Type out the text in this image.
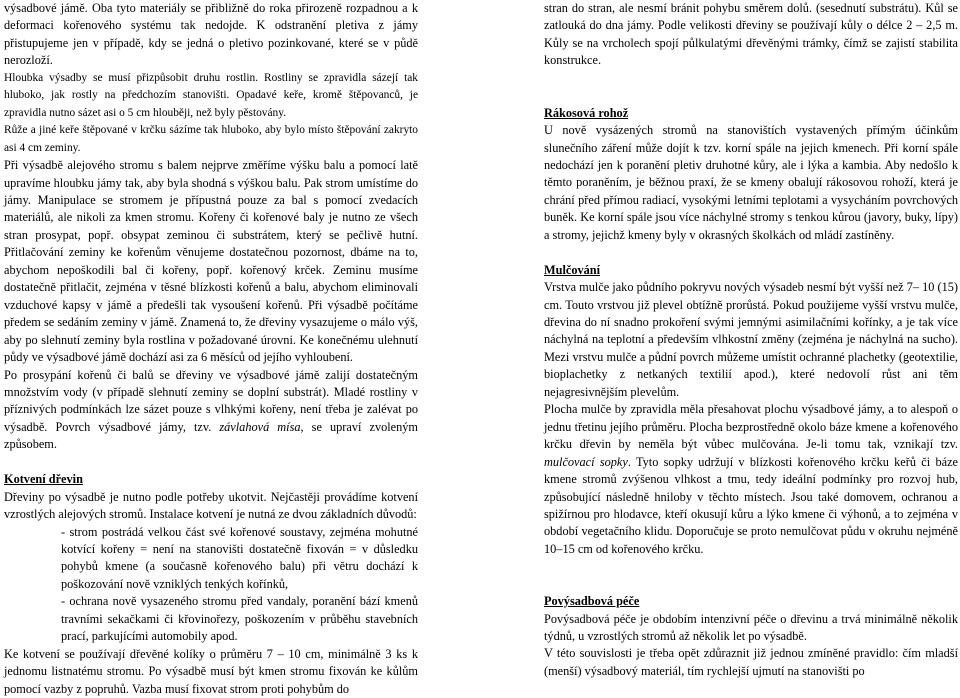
výsadbové jámě. Oba tyto materiály se přibližně do roka přirozeně rozpadnou a k deformaci kořenového systému tak nedojde. K odstranění pletiva z jámy přistupujeme jen v případě, kdy se jedná o pletivo pozinkované, které se v půdě nerozloží.

Hloubka výsadby se musí přizpůsobit druhu rostlin. Rostliny se zpravidla sázejí tak hluboko, jak rostly na předchozím stanovišti. Opadavé keře, kromě štěpovanců, je zpravidla nutno sázet asi o 5 cm hlouběji, než byly pěstovány.

Růže a jiné keře štěpované v krčku sázíme tak hluboko, aby bylo místo štěpování zakryto asi 4 cm zeminy.

Při výsadbě alejového stromu s balem nejprve změříme výšku balu a pomocí latě upravíme hloubku jámy tak, aby byla shodná s výškou balu. Pak strom umístíme do jámy. Manipulace se stromem je přípustná pouze za bal s pomocí zvedacích materiálů, ale nikoli za kmen stromu. Kořeny či kořenové baly je nutno ze všech stran prosypat, popř. obsypat zeminou či substrátem, který se pečlivě hutní. Přitlačování zeminy ke kořenům věnujeme dostatečnou pozornost, dbáme na to, abychom nepoškodili bal či kořeny, popř. kořenový krček. Zeminu musíme dostatečně přitlačit, zejména v těsné blízkosti kořenů a balu, abychom eliminovali vzduchové kapsy v jámě a předešli tak vysoušení kořenů. Při výsadbě počítáme předem se sedáním zeminy v jámě. Znamená to, že dřeviny vysazujeme o málo výš, aby po slehnutí zeminy byla rostlina v požadované úrovni. Ke konečnému ulehnutí půdy ve výsadbové jámě dochází asi za 6 měsíců od jejího vyhloubení.

Po prosypání kořenů či balů se dřeviny ve výsadbové jámě zalijí dostatečným množstvím vody (v případě slehnutí zeminy se doplní substrát). Mladé rostliny v příznivých podmínkách lze sázet pouze s vlhkými kořeny, není třeba je zalévat po výsadbě. Povrch výsadbové jámy, tzv. závlahová mísa, se upraví zvoleným způsobem.

Kotvení dřevin

Dřeviny po výsadbě je nutno podle potřeby ukotvit. Nejčastěji provádíme kotvení vzrostlých alejových stromů. Instalace kotvení je nutná ze dvou základních důvodů:

- strom postrádá velkou část své kořenové soustavy, zejména mohutné kotvící kořeny = není na stanovišti dostatečně fixován = v důsledku pohybů kmene (a současně kořenového balu) při větru dochází k poškozování nově vzniklých tenkých kořínků,

- ochrana nově vysazeného stromu před vandaly, poranění bází kmenů travními sekačkami či křovinořezy, poškozením v průběhu stavebních prací, parkujícími automobily apod.

Ke kotvení se používají dřevěné kolíky o průměru 7 – 10 cm, minimálně 3 ks k jednomu listnatému stromu. Po výsadbě musí být kmen stromu fixován ke kůlům pomocí vazby z popruhů. Vazba musí fixovat strom proti pohybům do

stran do stran, ale nesmí bránit pohybu směrem dolů. (sesednutí substrátu). Kůl se zatlouká do dna jámy. Podle velikosti dřeviny se používají kůly o délce 2 – 2,5 m. Kůly se na vrcholech spojí půlkulatými dřevěnými trámky, čímž se zajistí stabilita konstrukce.

Rákosová rohož

U nově vysázených stromů na stanovištích vystavených přímým účinkům slunečního záření může dojít k tzv. korní spále na jejich kmenech. Při korní spále nedochází jen k poranění pletiv druhotné kůry, ale i lýka a kambia. Aby nedošlo k těmto poraněním, je běžnou praxí, že se kmeny obalují rákosovou rohoží, která je chrání před přímou radiací, vysokými letními teplotami a vysycháním povrchových buněk. Ke korní spále jsou více náchylné stromy s tenkou kůrou (javory, buky, lípy) a stromy, jejichž kmeny byly v okrasných školkách od mládí zastíněny.

Mulčování

Vrstva mulče jako půdního pokryvu nových výsadeb nesmí být vyšší než 7– 10 (15) cm. Touto vrstvou již plevel obtížně prorůstá. Pokud použijeme vyšší vrstvu mulče, dřevina do ní snadno prokoření svými jemnými asimilačními kořínky, a je tak více náchylná na teplotní a především vlhkostní změny (zejména je náchylná na sucho). Mezi vrstvu mulče a půdní povrch můžeme umístit ochranné plachetky (geotextilie, bioplachetky z netkaných textilií apod.), které nedovolí růst ani těm nejagresivnějším plevelům.

Plocha mulče by zpravidla měla přesahovat plochu výsadbové jámy, a to alespoň o jednu třetinu jejího průměru. Plocha bezprostředně okolo báze kmene a kořenového krčku dřevin by neměla být vůbec mulčována. Je-li tomu tak, vznikají tzv. mulčovací sopky. Tyto sopky udržují v blízkosti kořenového krčku keřů či báze kmene stromů zvýšenou vlhkost a tmu, tedy ideální podmínky pro rozvoj hub, způsobující následně hniloby v těchto místech. Jsou také domovem, ochranou a spižírnou pro hlodavce, kteří okusují kůru a lýko kmene či výhonů, a to zejména v období vegetačního klidu. Doporučuje se proto nemulčovat půdu v okruhu nejméně 10–15 cm od kořenového krčku.

Povýsadbová péče

Povýsadbová péče je obdobím intenzivní péče o dřevinu a trvá minimálně několik týdnů, u vzrostlých stromů až několik let po výsadbě.

V této souvislosti je třeba opět zdůraznit již jednou zmíněné pravidlo: čím mladší (menší) výsadbový materiál, tím rychlejší ujmutí na stanovišti po
